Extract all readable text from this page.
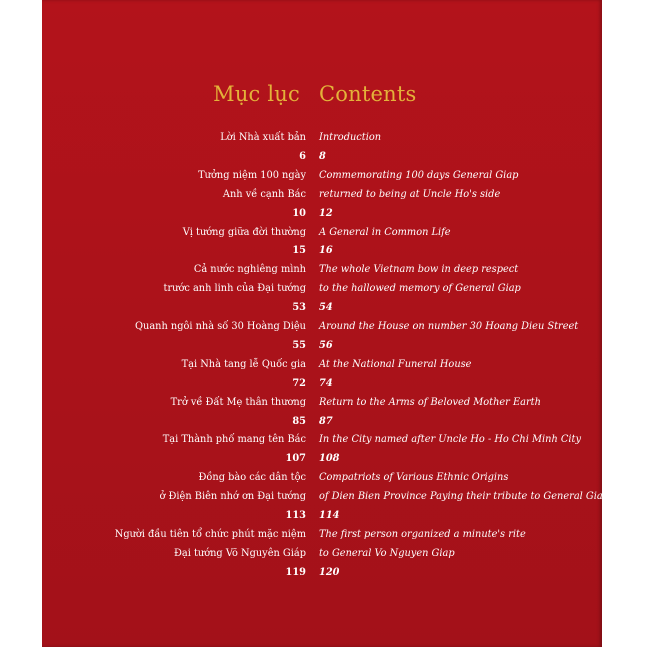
Mục lục Contents
Lời Nhà xuất bản Introduction
6 8
Tưởng niệm 100 ngày Commemorating 100 days General Giap
Anh về cạnh Bác returned to being at Uncle Ho's side
10 12
Vị tướng giữa đời thường A General in Common Life
15 16
Cả nước nghiêng mình The whole Vietnam bow in deep respect
trước anh linh của Đại tướng to the hallowed memory of General Giap
53 54
Quanh ngôi nhà số 30 Hoàng Diệu Around the House on number 30 Hoang Dieu Street
55 56
Tại Nhà tang lễ Quốc gia At the National Funeral House
72 74
Trở về Đất Mẹ thân thương Return to the Arms of Beloved Mother Earth
85 87
Tại Thành phố mang tên Bác In the City named after Uncle Ho - Ho Chi Minh City
107 108
Đồng bào các dân tộc Compatriots of Various Ethnic Origins
ở Điện Biên nhớ ơn Đại tướng of Dien Bien Province Paying their tribute to General Giap
113 114
Người đầu tiên tổ chức phút mặc niệm The first person organized a minute's rite
Đại tướng Võ Nguyên Giáp to General Vo Nguyen Giap
119 120
